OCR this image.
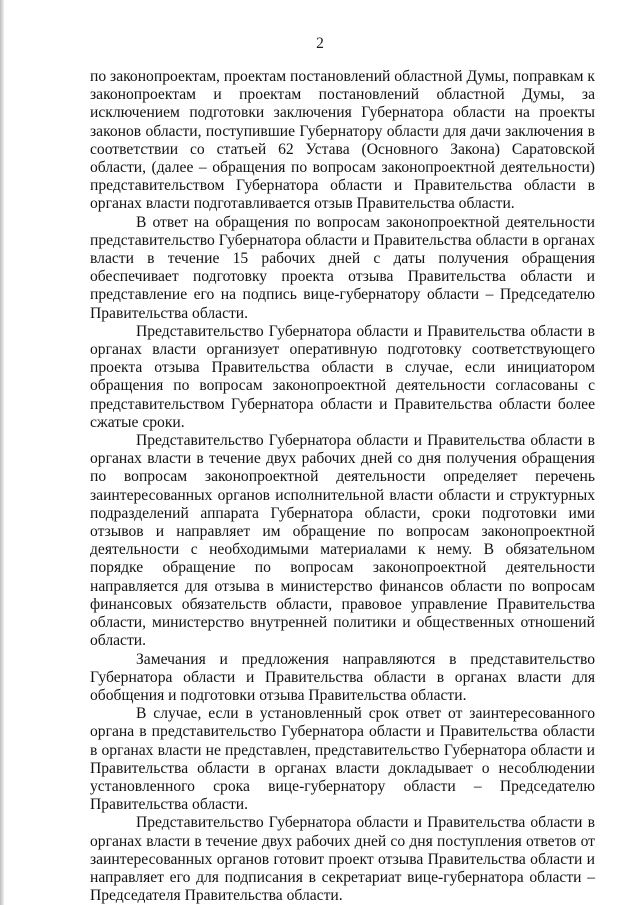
2

по законопроектам, проектам постановлений областной Думы, поправкам к законопроектам и проектам постановлений областной Думы, за исключением подготовки заключения Губернатора области на проекты законов области, поступившие Губернатору области для дачи заключения в соответствии со статьей 62 Устава (Основного Закона) Саратовской области, (далее – обращения по вопросам законопроектной деятельности) представительством Губернатора области и Правительства области в органах власти подготавливается отзыв Правительства области.

В ответ на обращения по вопросам законопроектной деятельности представительство Губернатора области и Правительства области в органах власти в течение 15 рабочих дней с даты получения обращения обеспечивает подготовку проекта отзыва Правительства области и представление его на подпись вице-губернатору области – Председателю Правительства области.

Представительство Губернатора области и Правительства области в органах власти организует оперативную подготовку соответствующего проекта отзыва Правительства области в случае, если инициатором обращения по вопросам законопроектной деятельности согласованы с представительством Губернатора области и Правительства области более сжатые сроки.

Представительство Губернатора области и Правительства области в органах власти в течение двух рабочих дней со дня получения обращения по вопросам законопроектной деятельности определяет перечень заинтересованных органов исполнительной власти области и структурных подразделений аппарата Губернатора области, сроки подготовки ими отзывов и направляет им обращение по вопросам законопроектной деятельности с необходимыми материалами к нему. В обязательном порядке обращение по вопросам законопроектной деятельности направляется для отзыва в министерство финансов области по вопросам финансовых обязательств области, правовое управление Правительства области, министерство внутренней политики и общественных отношений области.

Замечания и предложения направляются в представительство Губернатора области и Правительства области в органах власти для обобщения и подготовки отзыва Правительства области.

В случае, если в установленный срок ответ от заинтересованного органа в представительство Губернатора области и Правительства области в органах власти не представлен, представительство Губернатора области и Правительства области в органах власти докладывает о несоблюдении установленного срока вице-губернатору области – Председателю Правительства области.

Представительство Губернатора области и Правительства области в органах власти в течение двух рабочих дней со дня поступления ответов от заинтересованных органов готовит проект отзыва Правительства области и направляет его для подписания в секретариат вице-губернатора области – Председателя Правительства области.
